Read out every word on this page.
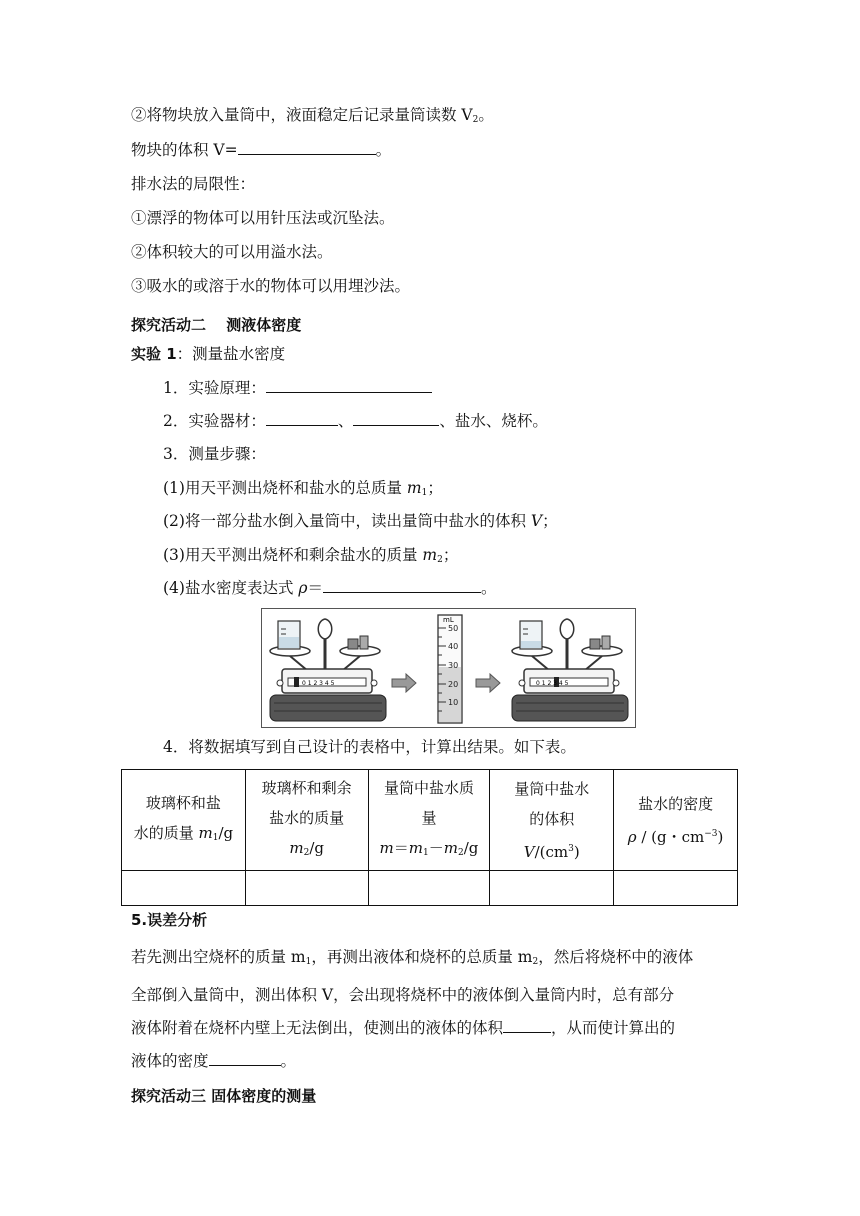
②将物块放入量筒中，液面稳定后记录量筒读数 $V_2$。
物块的体积 V=	。
排水法的局限性：
①漂浮的物体可以用针压法或沉坠法。
②体积较大的可以用溢水法。
③吸水的或溶于水的物体可以用埋沙法。
探究活动二　 测液体密度
实验 1：测量盐水密度
1．实验原理：
2．实验器材：	、	、盐水、烧杯。
3．测量步骤：
(1)用天平测出烧杯和盐水的总质量 $m_1$；
(2)将一部分盐水倒入量筒中，读出量筒中盐水的体积 V；
(3)用天平测出烧杯和剩余盐水的质量 $m_2$；
(4)盐水密度表达式 ρ＝	。
0 1 2 3 4 5
mL
50
40
30
20
10
0 1 2 3 4 5
4．将数据填写到自己设计的表格中，计算出结果。如下表。
玻璃杯和盐
水的质量 $m_1/g$	玻璃杯和剩余
盐水的质量
$m_2/g$	量筒中盐水质
量
$m=m_1-m_2/g$	量筒中盐水
的体积
$V/(cm^3)$	盐水的密度
ρ / (g・$cm^{-3}$)

5.误差分析
若先测出空烧杯的质量 $m_1$，再测出液体和烧杯的总质量 $m_2$，然后将烧杯中的液体
全部倒入量筒中，测出体积 V，会出现将烧杯中的液体倒入量筒内时，总有部分
液体附着在烧杯内壁上无法倒出，使测出的液体的体积	，从而使计算出的
液体的密度	。
探究活动三 固体密度的测量
